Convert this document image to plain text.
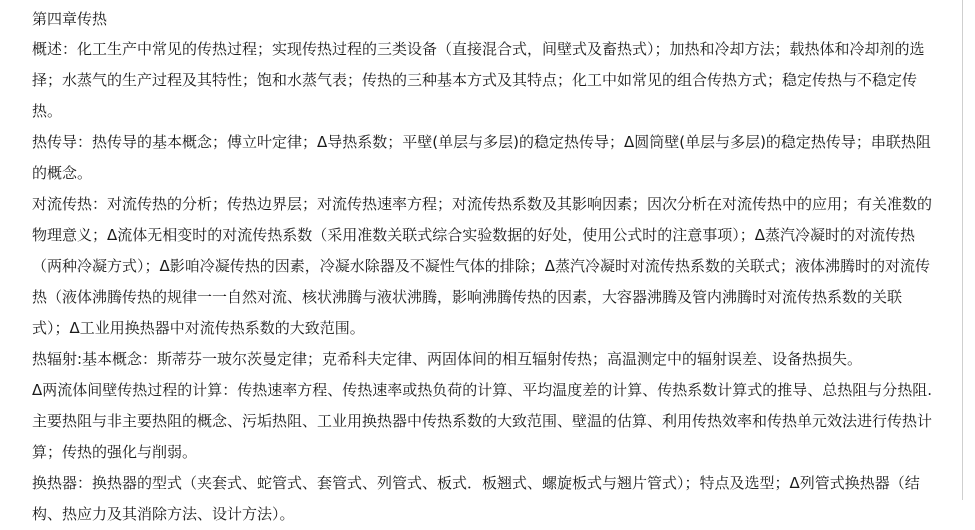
第四章传热

概述：化工生产中常见的传热过程；实现传热过程的三类设备（直接混合式，间壁式及畜热式）；加热和冷却方法；载热体和冷却剂的选择；水蒸气的生产过程及其特性；饱和水蒸气表；传热的三种基本方式及其特点；化工中如常见的组合传热方式；稳定传热与不稳定传热。

热传导：热传导的基本概念；傅立叶定律；Δ导热系数；平壁(单层与多层)的稳定热传导；Δ圆筒壁(单层与多层)的稳定热传导；串联热阻的概念。

对流传热：对流传热的分析；传热边界层；对流传热速率方程；对流传热系数及其影响因素；因次分析在对流传热中的应用；有关准数的物理意义；Δ流体无相变时的对流传热系数（采用准数关联式综合实验数据的好处，使用公式时的注意事项）；Δ蒸汽冷凝时的对流传热（两种冷凝方式）；Δ影咱冷凝传热的因素，冷凝水除器及不凝性气体的排除；Δ蒸汽冷凝时对流传热系数的关联式；液体沸腾时的对流传热（液体沸腾传热的规律一一自然对流、核状沸腾与液状沸腾，影响沸腾传热的因素，大容器沸腾及管内沸腾时对流传热系数的关联式）；Δ工业用换热器中对流传热系数的大致范围。

热辐射:基本概念：斯蒂芬一玻尔茨曼定律；克希科夫定律、两固体间的相互辐射传热；高温测定中的辐射误差、设备热损失。

Δ两流体间壁传热过程的计算：传热速率方程、传热速率或热负荷的计算、平均温度差的计算、传热系数计算式的推导、总热阻与分热阻.主要热阻与非主要热阻的概念、污垢热阻、工业用换热器中传热系数的大致范围、壁温的估算、利用传热效率和传热单元效法进行传热计算；传热的强化与削弱。

换热器：换热器的型式（夹套式、蛇管式、套管式、列管式、板式．板翘式、螺旋板式与翘片管式）；特点及选型；Δ列管式换热器（结构、热应力及其消除方法、设计方法）。
